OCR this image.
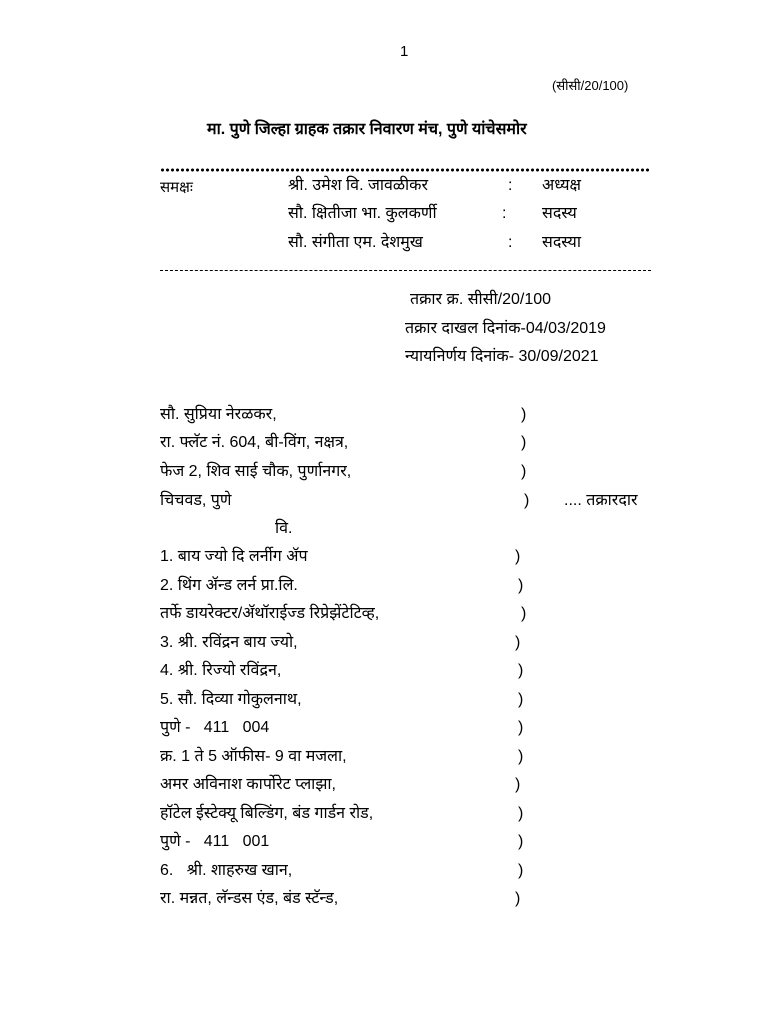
1
(सीसी/20/100)
मा. पुणे जिल्हा ग्राहक तक्रार निवारण मंच, पुणे यांचेसमोर
समक्षः	श्री. उमेश वि. जावळीकर	: अध्यक्ष
सौ. क्षितीजा भा. कुलकर्णी	: सदस्य
सौ. संगीता एम. देशमुख	: सदस्या
तक्रार क्र. सीसी/20/100
तक्रार दाखल दिनांक-04/03/2019
न्यायनिर्णय दिनांक- 30/09/2021
सौ. सुप्रिया नेरळकर,	)
रा. फ्लॅट नं. 604, बी-विंग, नक्षत्र,	)
फेज 2, शिव साई चौक, पुर्णानगर,	)
चिचवड, पुणे	) .... तक्रारदार
वि.
1. बाय ज्यो दि लर्नीग ॲप	)
2. थिंग ॲन्ड लर्न प्रा.लि.	)
तर्फे डायरेक्टर/ॲथॉराईज्ड रिप्रेझेंटेटिव्ह,	)
3. श्री. रविंद्रन बाय ज्यो,	)
4. श्री. रिज्यो रविंद्रन,	)
5. सौ. दिव्या गोकुलनाथ,	)
पुणे -   411   004	)
क्र. 1 ते 5 ऑफीस- 9 वा मजला,	)
अमर अविनाश कार्पोरेट प्लाझा,	)
हॉटेल ईस्टेक्यू बिल्डिंग, बंड गार्डन रोड,	)
पुणे -   411   001	)
6.   श्री. शाहरुख खान,	)
रा. मन्नत, लॅन्डस एंड, बंड स्टॅन्ड,	)
